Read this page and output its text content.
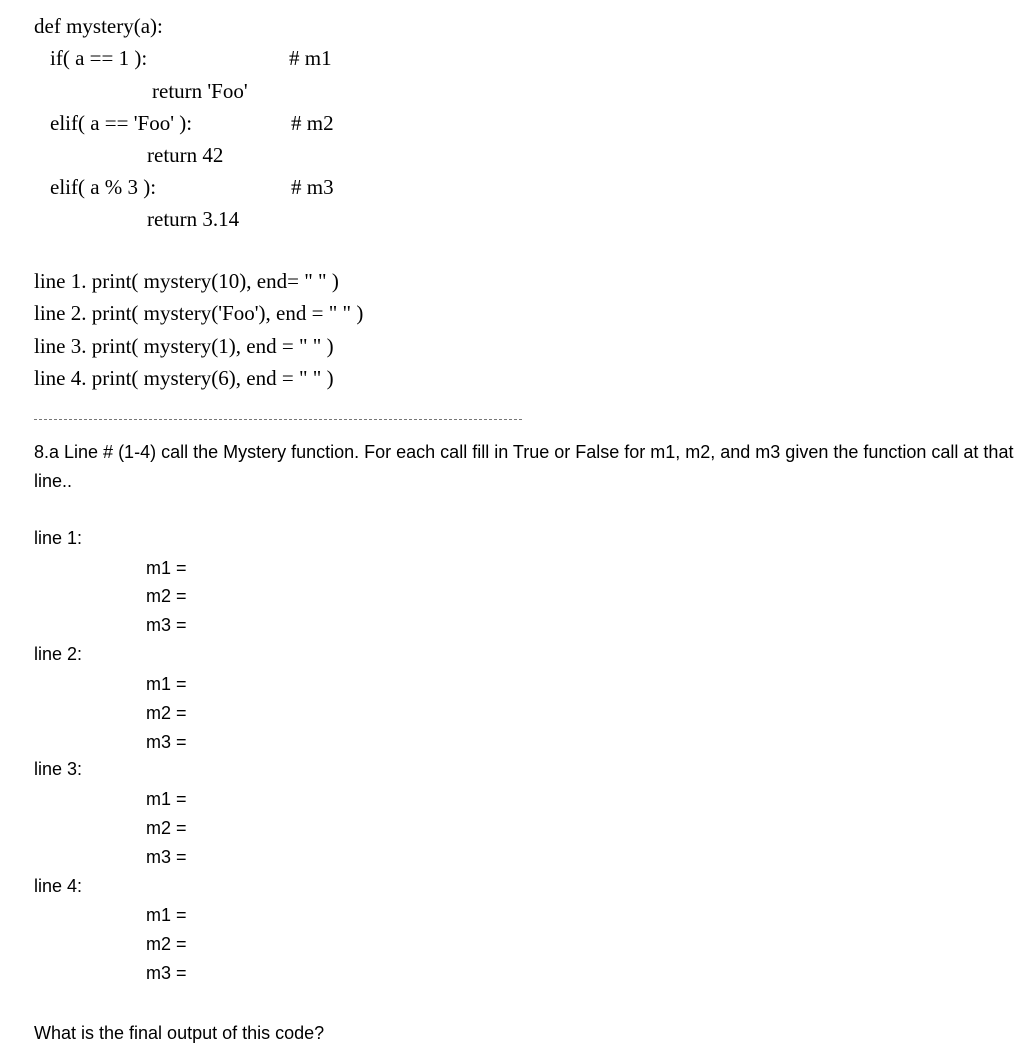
def mystery(a):
if( a == 1 ):	# m1
return 'Foo'
elif( a == 'Foo' ):	# m2
return 42
elif( a % 3 ):	# m3
return 3.14
line 1. print( mystery(10), end= " " )
line 2. print( mystery('Foo'), end = " " )
line 3. print( mystery(1), end = " " )
line 4. print( mystery(6), end = " " )
8.a Line # (1-4) call the Mystery function. For each call fill in True or False for m1, m2, and m3 given the function call at that line..
line 1:
m1 =
m2 =
m3 =
line 2:
m1 =
m2 =
m3 =
line 3:
m1 =
m2 =
m3 =
line 4:
m1 =
m2 =
m3 =
What is the final output of this code?
